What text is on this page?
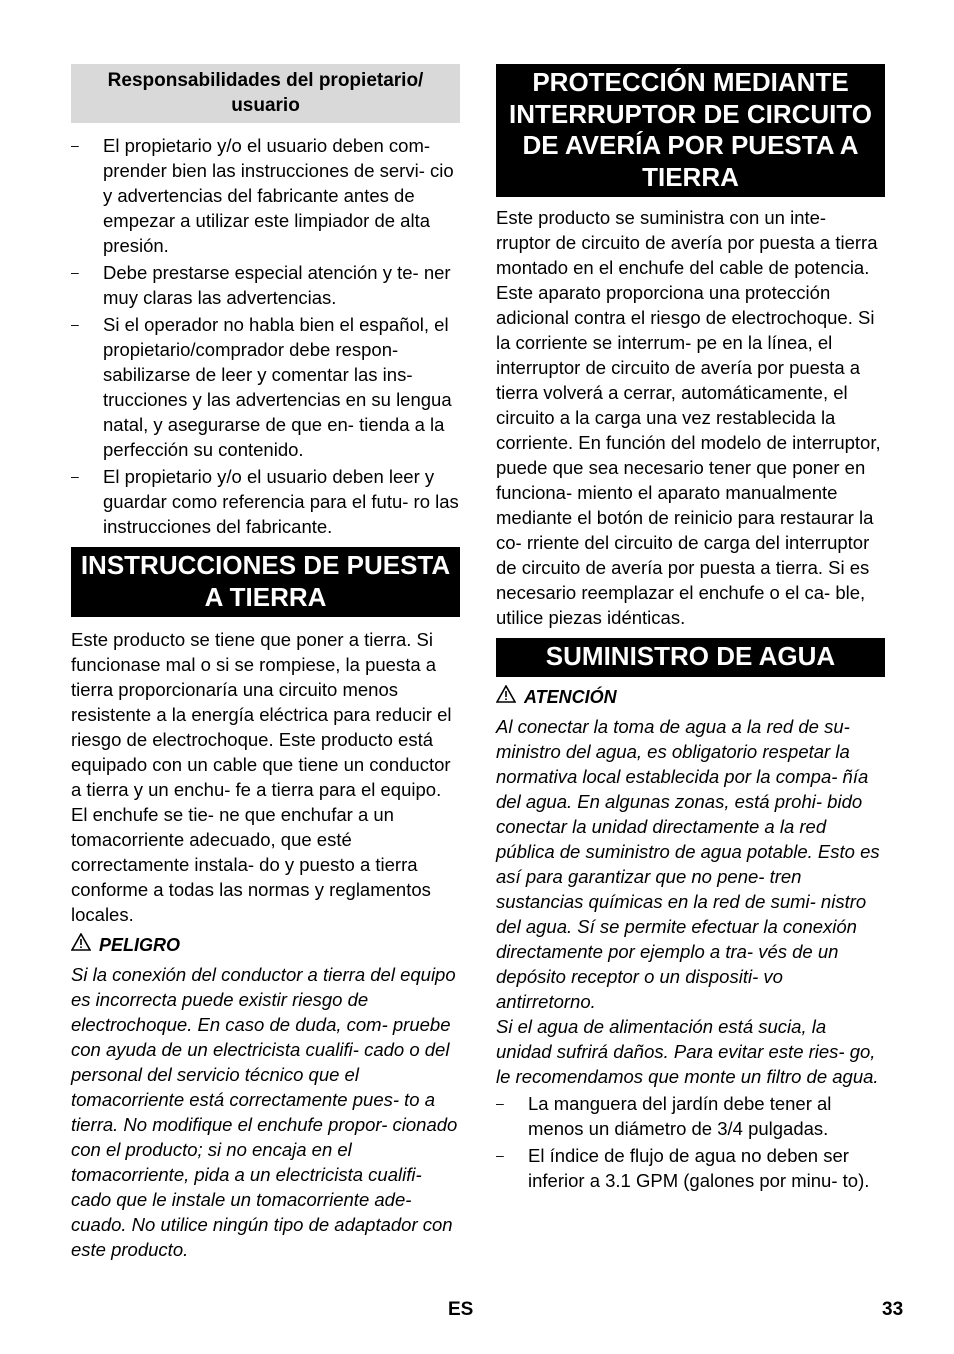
Responsabilidades del propietario/ usuario
–	El propietario y/o el usuario deben com- prender bien las instrucciones de servi- cio y advertencias del fabricante antes de empezar a utilizar este limpiador de alta presión.
–	Debe prestarse especial atención y te- ner muy claras las advertencias.
–	Si el operador no habla bien el español, el propietario/comprador debe respon- sabilizarse de leer y comentar las ins- trucciones y las advertencias en su lengua natal, y asegurarse de que en- tienda a la perfección su contenido.
–	El propietario y/o el usuario deben leer y guardar como referencia para el futu- ro las instrucciones del fabricante.
INSTRUCCIONES DE PUESTA A TIERRA

Este producto se tiene que poner a tierra. Si funcionase mal o si se rompiese, la puesta a tierra proporcionaría una circuito menos resistente a la energía eléctrica para reducir el riesgo de electrochoque. Este producto está equipado con un cable que tiene un conductor a tierra y un enchu- fe a tierra para el equipo. El enchufe se tie- ne que enchufar a un tomacorriente adecuado, que esté correctamente instala- do y puesto a tierra conforme a todas las normas y reglamentos locales.

PELIGRO

Si la conexión del conductor a tierra del equipo es incorrecta puede existir riesgo de electrochoque. En caso de duda, com- pruebe con ayuda de un electricista cualifi- cado o del personal del servicio técnico que el tomacorriente está correctamente pues- to a tierra. No modifique el enchufe propor- cionado con el producto; si no encaja en el tomacorriente, pida a un electricista cualifi- cado que le instale un tomacorriente ade- cuado. No utilice ningún tipo de adaptador con este producto.

PROTECCIÓN MEDIANTE INTERRUPTOR DE CIRCUITO DE AVERÍA POR PUESTA A TIERRA

Este producto se suministra con un inte- rruptor de circuito de avería por puesta a tierra montado en el enchufe del cable de potencia. Este aparato proporciona una protección adicional contra el riesgo de electrochoque. Si la corriente se interrum- pe en la línea, el interruptor de circuito de avería por puesta a tierra volverá a cerrar, automáticamente, el circuito a la carga una vez restablecida la corriente. En función del modelo de interruptor, puede que sea necesario tener que poner en funciona- miento el aparato manualmente mediante el botón de reinicio para restaurar la co- rriente del circuito de carga del interruptor de circuito de avería por puesta a tierra. Si es necesario reemplazar el enchufe o el ca- ble, utilice piezas idénticas.

SUMINISTRO DE AGUA
ATENCIÓN

Al conectar la toma de agua a la red de su- ministro del agua, es obligatorio respetar la normativa local establecida por la compa- ñía del agua. En algunas zonas, está prohi- bido conectar la unidad directamente a la red pública de suministro de agua potable. Esto es así para garantizar que no pene- tren sustancias químicas en la red de sumi- nistro del agua. Sí se permite efectuar la conexión directamente por ejemplo a tra- vés de un depósito receptor o un dispositi- vo antirretorno.

Si el agua de alimentación está sucia, la unidad sufrirá daños. Para evitar este ries- go, le recomendamos que monte un filtro de agua.

–	La manguera del jardín debe tener al menos un diámetro de 3/4 pulgadas.
–	El índice de flujo de agua no deben ser inferior a 3.1 GPM (galones por minu- to).
ES	33
